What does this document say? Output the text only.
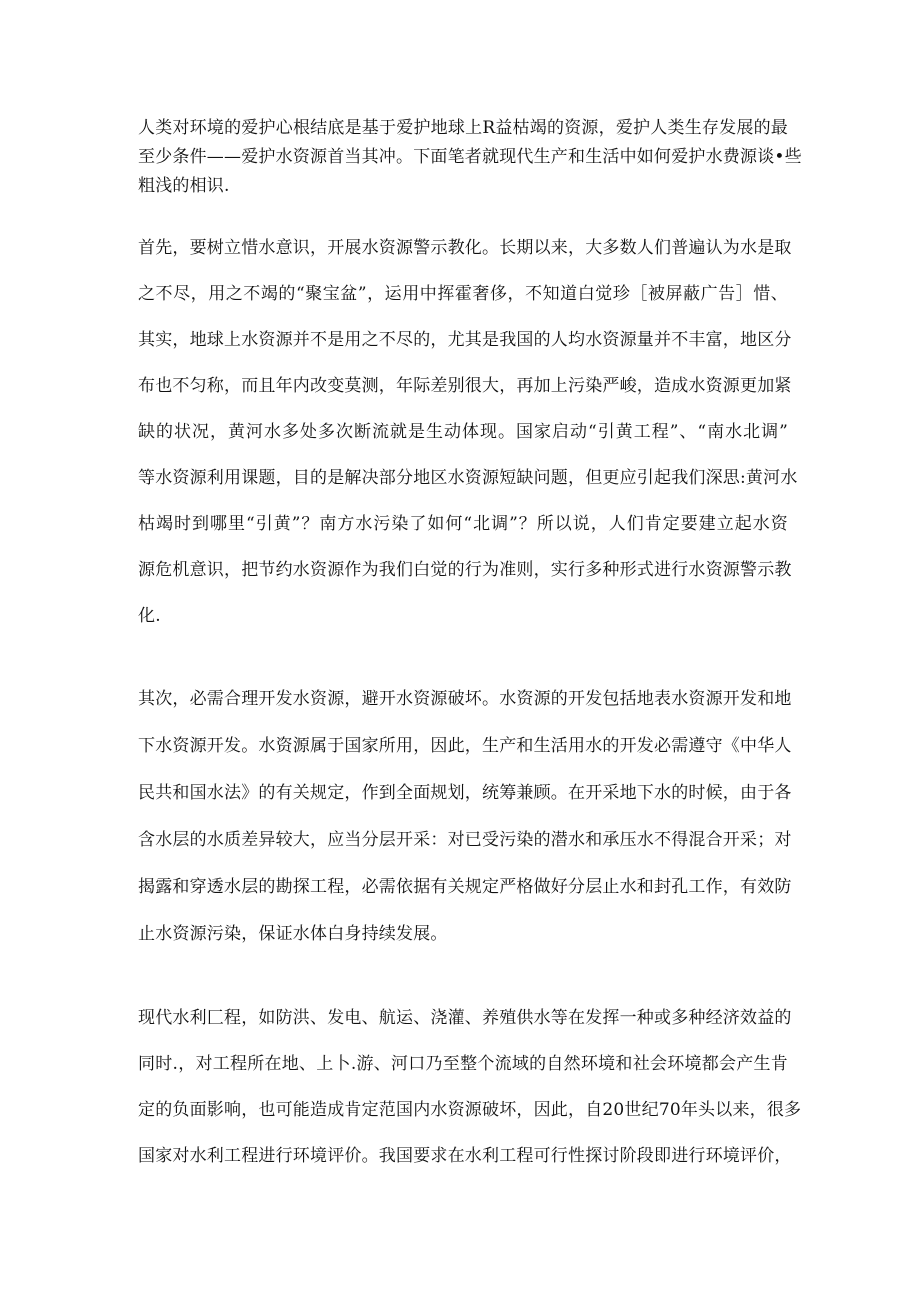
人类对环境的爱护心根结底是基于爱护地球上R益枯竭的资源，爱护人类生存发展的最
至少条件——爱护水资源首当其冲。下面笔者就现代生产和生活中如何爱护水费源谈•些
粗浅的相识.

首先，要树立惜水意识，开展水资源警示教化。长期以来，大多数人们普遍认为水是取
之不尽，用之不竭的“聚宝盆”，运用中挥霍奢侈，不知道白觉珍［被屏蔽广告］惜、
其实，地球上水资源并不是用之不尽的，尤其是我国的人均水资源量并不丰富，地区分
布也不匀称，而且年内改变莫测，年际差别很大，再加上污染严峻，造成水资源更加紧
缺的状况，黄河水多处多次断流就是生动体现。国家启动“引黄工程”、“南水北调”
等水资源利用课题，目的是解决部分地区水资源短缺问题，但更应引起我们深思:黄河水
枯竭时到哪里“引黄”？南方水污染了如何“北调”？所以说，人们肯定要建立起水资
源危机意识，把节约水资源作为我们白觉的行为准则，实行多种形式进行水资源警示教
化.

其次，必需合理开发水资源，避开水资源破坏。水资源的开发包括地表水资源开发和地
下水资源开发。水资源属于国家所用，因此，生产和生活用水的开发必需遵守《中华人
民共和国水法》的有关规定，作到全面规划，统筹兼顾。在开采地下水的时候，由于各
含水层的水质差异较大，应当分层开采：对已受污染的潜水和承压水不得混合开采；对
揭露和穿透水层的勘探工程，必需依据有关规定严格做好分层止水和封孔工作，有效防
止水资源污染，保证水体白身持续发展。

现代水利匚程，如防洪、发电、航运、浇灌、养殖供水等在发挥一种或多种经济效益的
同时.，对工程所在地、上卜.游、河口乃至整个流域的自然环境和社会环境都会产生肯
定的负面影响，也可能造成肯定范国内水资源破坏，因此，自20世纪70年头以来，很多
国家对水利工程进行环境评价。我国要求在水利工程可行性探讨阶段即进行环境评价，
